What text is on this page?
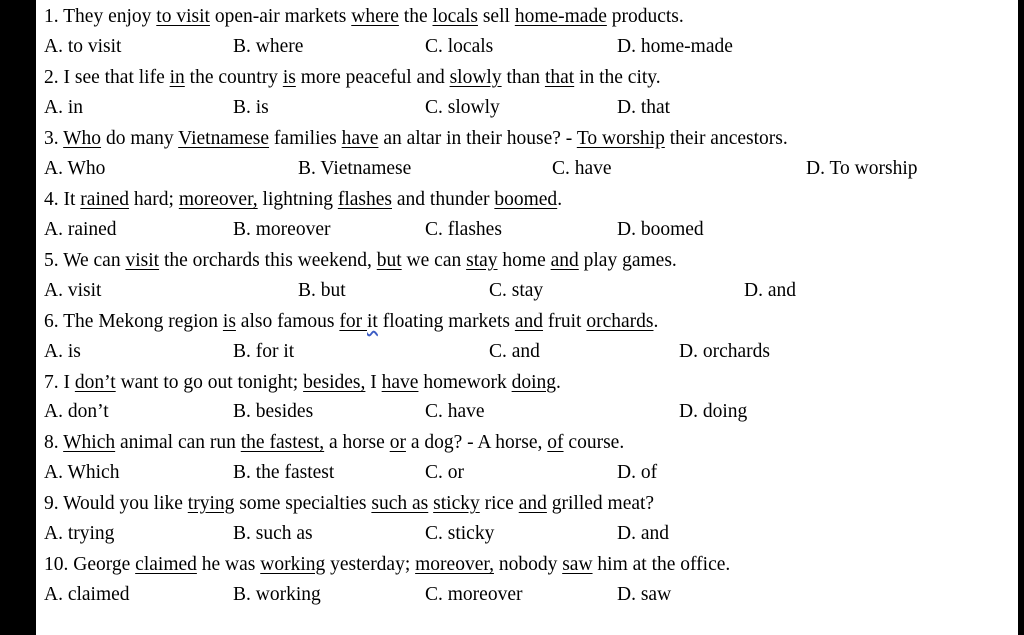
1. They enjoy to visit open-air markets where the locals sell home-made products.
A. to visit	B. where	C. locals	D. home-made
2. I see that life in the country is more peaceful and slowly than that in the city.
A. in	B. is	C. slowly	D. that
3. Who do many Vietnamese families have an altar in their house? - To worship their ancestors.
A. Who	B. Vietnamese	C. have	D. To worship
4. It rained hard; moreover, lightning flashes and thunder boomed.
A. rained	B. moreover	C. flashes	D. boomed
5. We can visit the orchards this weekend, but we can stay home and play games.
A. visit	B. but	C. stay	D. and
6. The Mekong region is also famous for it floating markets and fruit orchards.
A. is	B. for it	C. and	D. orchards
7. I don’t want to go out tonight; besides, I have homework doing.
A. don’t	B. besides	C. have	D. doing
8. Which animal can run the fastest, a horse or a dog? - A horse, of course.
A. Which	B. the fastest	C. or	D. of
9. Would you like trying some specialties such as sticky rice and grilled meat?
A. trying	B. such as	C. sticky	D. and
10. George claimed he was working yesterday; moreover, nobody saw him at the office.
A. claimed	B. working	C. moreover	D. saw
